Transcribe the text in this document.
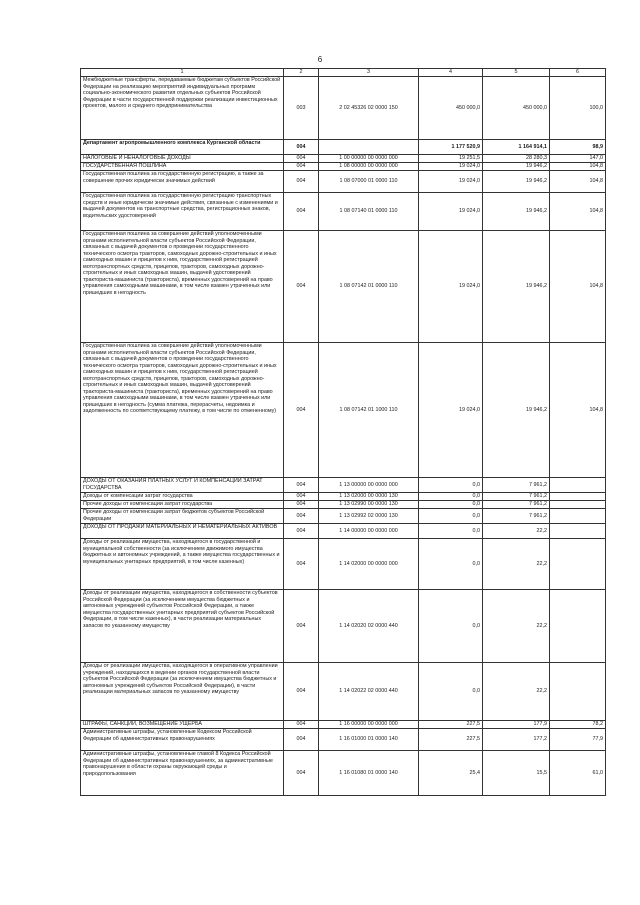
6
1	2	3	4	5	6
Межбюджетные трансферты, передаваемые бюджетам субъектов Российской Федерации на реализацию мероприятий индивидуальных программ социально-экономического развития отдельных субъектов Российской Федерации в части государственной поддержки реализации инвестиционных проектов, малого и среднего предпринимательства	003	2 02 45326 02 0000 150	450 000,0	450 000,0	100,0
Департамент агропромышленного комплекса Курганской области	004		1 177 520,9	1 164 914,1	98,9
НАЛОГОВЫЕ И НЕНАЛОГОВЫЕ ДОХОДЫ	004	1 00 00000 00 0000 000	19 251,5	28 280,3	147,0
ГОСУДАРСТВЕННАЯ ПОШЛИНА	004	1 08 00000 00 0000 000	19 024,0	19 946,2	104,8
Государственная пошлина за государственную регистрацию, а также за совершение прочих юридически значимых действий	004	1 08 07000 01 0000 110	19 024,0	19 946,2	104,8
Государственная пошлина за государственную регистрацию транспортных средств и иные юридически значимые действия, связанные с изменениями и выдачей документов на транспортные средства, регистрационных знаков, водительских удостоверений	004	1 08 07140 01 0000 110	19 024,0	19 946,2	104,8
Государственная пошлина за совершение действий уполномоченными органами исполнительной власти субъектов Российской Федерации, связанных с выдачей документов о проведении государственного технического осмотра тракторов, самоходных дорожно-строительных и иных самоходных машин и прицепов к ним, государственной регистрацией мототранспортных средств, прицепов, тракторов, самоходных дорожно-строительных и иных самоходных машин, выдачей удостоверений тракториста-машиниста (тракториста), временных удостоверений на право управления самоходными машинами, в том числе взамен утраченных или пришедших в негодность	004	1 08 07142 01 0000 110	19 024,0	19 946,2	104,8
Государственная пошлина за совершение действий уполномоченными органами исполнительной власти субъектов Российской Федерации, связанных с выдачей документов о проведении государственного технического осмотра тракторов, самоходных дорожно-строительных и иных самоходных машин и прицепов к ним, государственной регистрацией мототранспортных средств, прицепов, тракторов, самоходных дорожно-строительных и иных самоходных машин, выдачей удостоверений тракториста-машиниста (тракториста), временных удостоверений на право управления самоходными машинами, в том числе взамен утраченных или пришедших в негодность (сумма платежа, перерасчеты, недоимка и задолженность по соответствующему платежу, в том числе по отмененному)	004	1 08 07142 01 1000 110	19 024,0	19 946,2	104,8
ДОХОДЫ ОТ ОКАЗАНИЯ ПЛАТНЫХ УСЛУГ И КОМПЕНСАЦИИ ЗАТРАТ ГОСУДАРСТВА	004	1 13 00000 00 0000 000	0,0	7 961,2	
Доходы от компенсации затрат государства	004	1 13 02000 00 0000 130	0,0	7 961,2	
Прочие доходы от компенсации затрат государства	004	1 13 02990 00 0000 130	0,0	7 961,2	
Прочие доходы от компенсации затрат бюджетов субъектов Российской Федерации	004	1 13 02992 02 0000 130	0,0	7 961,2	
ДОХОДЫ ОТ ПРОДАЖИ МАТЕРИАЛЬНЫХ И НЕМАТЕРИАЛЬНЫХ АКТИВОВ	004	1 14 00000 00 0000 000	0,0	22,2	
Доходы от реализации имущества, находящегося в государственной и муниципальной собственности (за исключением движимого имущества бюджетных и автономных учреждений, а также имущества государственных и муниципальных унитарных предприятий, в том числе казенных)	004	1 14 02000 00 0000 000	0,0	22,2	
Доходы от реализации имущества, находящегося в собственности субъектов Российской Федерации (за исключением имущества бюджетных и автономных учреждений субъектов Российской Федерации, а также имущества государственных унитарных предприятий субъектов Российской Федерации, в том числе казенных), в части реализации материальных запасов по указанному имуществу	004	1 14 02020 02 0000 440	0,0	22,2	
Доходы от реализации имущества, находящегося в оперативном управлении учреждений, находящихся в ведении органов государственной власти субъектов Российской Федерации (за исключением имущества бюджетных и автономных учреждений субъектов Российской Федерации), в части реализации материальных запасов по указанному имуществу	004	1 14 02022 02 0000 440	0,0	22,2	
ШТРАФЫ, САНКЦИИ, ВОЗМЕЩЕНИЕ УЩЕРБА	004	1 16 00000 00 0000 000	227,5	177,9	78,2
Административные штрафы, установленные Кодексом Российской Федерации об административных правонарушениях	004	1 16 01000 01 0000 140	227,5	177,2	77,9
Административные штрафы, установленные главой 8 Кодекса Российской Федерации об административных правонарушениях, за административные правонарушения в области охраны окружающей среды и природопользования	004	1 16 01080 01 0000 140	25,4	15,5	61,0
